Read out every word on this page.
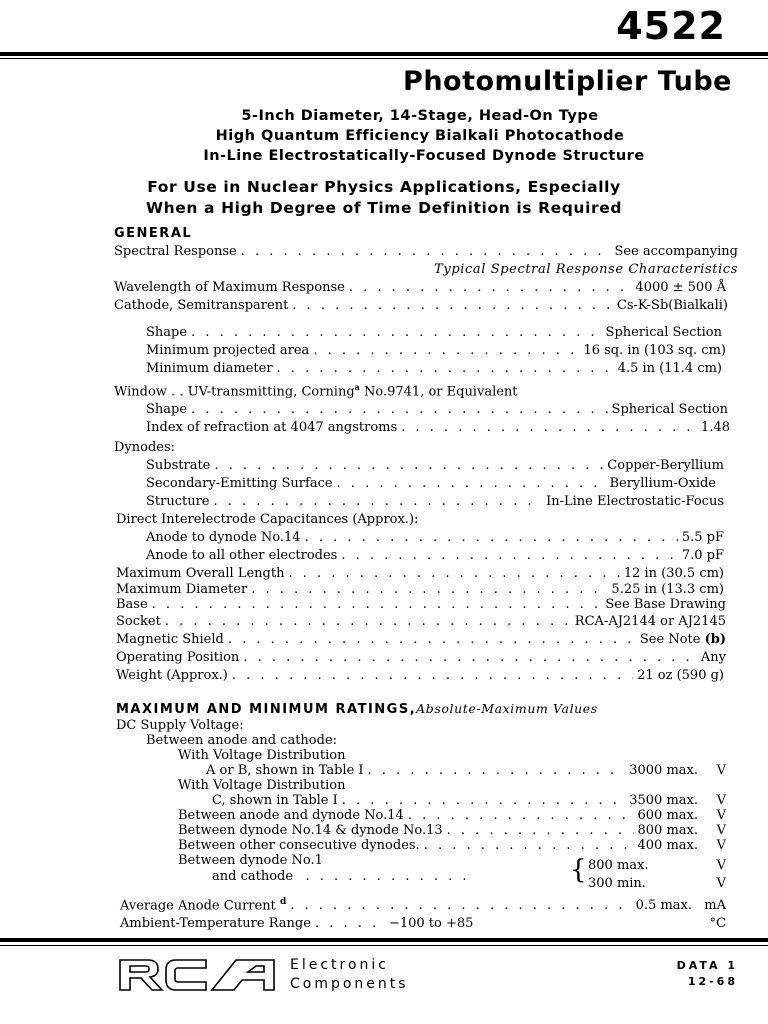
4522
Photomultiplier Tube
5-Inch Diameter, 14-Stage, Head-On Type
High Quantum Efficiency Bialkali Photocathode
In-Line Electrostatically-Focused Dynode Structure
For Use in Nuclear Physics Applications, Especially
When a High Degree of Time Definition is Required
GENERAL
Spectral Response . . .	See accompanying
Typical Spectral Response Characteristics
Wavelength of Maximum Response . . .	4000 ± 500 Å
Cathode, Semitransparent . . .	Cs-K-Sb(Bialkali)
Shape . . .	Spherical Section
Minimum projected area . . .	16 sq. in (103 sq. cm)
Minimum diameter . . .	4.5 in (11.4 cm)
Window . . UV-transmitting, Corning$^a$ No.9741, or Equivalent
Shape . . .	Spherical Section
Index of refraction at 4047 angstroms . . .	1.48
Dynodes:
Substrate . . .	Copper-Beryllium
Secondary-Emitting Surface . . .	Beryllium-Oxide
Structure . . .	In-Line Electrostatic-Focus
Direct Interelectrode Capacitances (Approx.):
Anode to dynode No.14 . . .	5.5 pF
Anode to all other electrodes . . .	7.0 pF
Maximum Overall Length . . .	12 in (30.5 cm)
Maximum Diameter . . .	5.25 in (13.3 cm)
Base . . .	See Base Drawing
Socket . . .	RCA-AJ2144 or AJ2145
Magnetic Shield . . .	See Note (b)
Operating Position . . .	Any
Weight (Approx.) . . .	21 oz (590 g)
MAXIMUM AND MINIMUM RATINGS,Absolute-Maximum Values
DC Supply Voltage:
Between anode and cathode:
With Voltage Distribution
A or B, shown in Table I . . .	3000 max.	V
With Voltage Distribution
C, shown in Table I . . .	3500 max.	V
Between anode and dynode No.14 . . .	600 max.	V
Between dynode No.14 & dynode No.13 . . .	800 max.	V
Between other consecutive dynodes. . . .	400 max.	V
Between dynode No.1
and cathode . . . . . . . . . . . .	{ 800 max.	V
300 min.	V
Average Anode Current $^d$ . . .	0.5 max. mA
Ambient-Temperature Range . . .	−100 to +85	°C
Electronic
Components
DATA 1
12-68
